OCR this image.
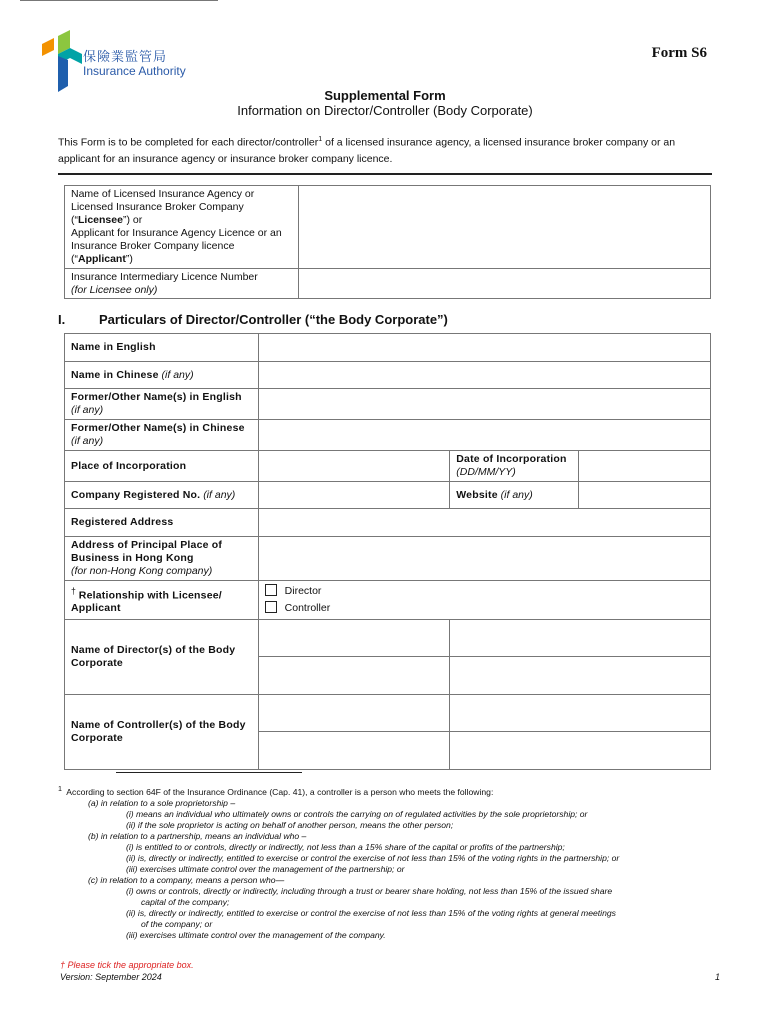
保險業監管局
Insurance Authority
Form S6
Supplemental Form
Information on Director/Controller (Body Corporate)
This Form is to be completed for each director/controller$^1$ of a licensed insurance agency, a licensed insurance broker company or an applicant for an insurance agency or insurance broker company licence.
Name of Licensed Insurance Agency or Licensed Insurance Broker Company (“Licensee”) or
Applicant for Insurance Agency Licence or an Insurance Broker Company licence (“Applicant”)	
Insurance Intermediary Licence Number
(for Licensee only)	
I.	Particulars of Director/Controller (“the Body Corporate”)
Name in English			
Name in Chinese (if any)			
Former/Other Name(s) in English
(if any)			
Former/Other Name(s) in Chinese
(if any)			
Place of Incorporation		Date of Incorporation
(DD/MM/YY)	
Company Registered No. (if any)		Website (if any)	
Registered Address			
Address of Principal Place of Business in Hong Kong
(for non-Hong Kong company)			
† Relationship with Licensee/ Applicant	Director
Controller		

Name of Director(s) of the Body Corporate			

Name of Controller(s) of the Body Corporate			

$^1$ According to section 64F of the Insurance Ordinance (Cap. 41), a controller is a person who meets the following:
(a) in relation to a sole proprietorship –
(i) means an individual who ultimately owns or controls the carrying on of regulated activities by the sole proprietorship; or
(ii) if the sole proprietor is acting on behalf of another person, means the other person;
(b) in relation to a partnership, means an individual who –
(i) is entitled to or controls, directly or indirectly, not less than a 15% share of the capital or profits of the partnership;
(ii) is, directly or indirectly, entitled to exercise or control the exercise of not less than 15% of the voting rights in the partnership; or
(iii) exercises ultimate control over the management of the partnership; or
(c) in relation to a company, means a person who—
(i) owns or controls, directly or indirectly, including through a trust or bearer share holding, not less than 15% of the issued share
capital of the company;
(ii) is, directly or indirectly, entitled to exercise or control the exercise of not less than 15% of the voting rights at general meetings
of the company; or
(iii) exercises ultimate control over the management of the company.
† Please tick the appropriate box.
Version: September 2024	1
